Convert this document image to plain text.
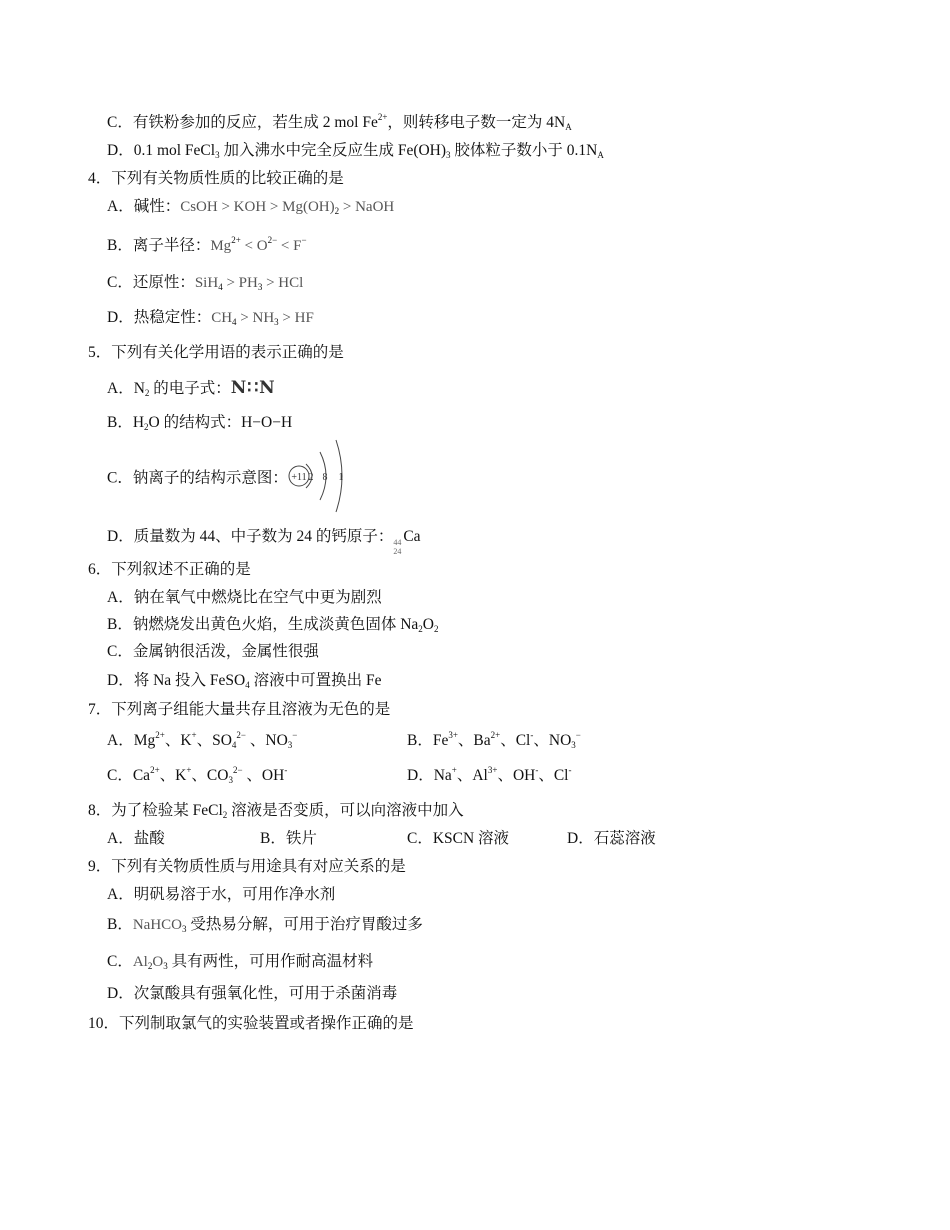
C．有铁粉参加的反应，若生成 2 mol $Fe^{2+}$，则转移电子数一定为 $4N_A$
D．0.1 mol FeCl$_3$ 加入沸水中完全反应生成 $Fe(OH)_3$ 胶体粒子数小于 $0.1N_A$
4．下列有关物质性质的比较正确的是
A．碱性：CsOH > KOH > $Mg(OH)_2$ > NaOH
B．离子半径：$Mg^{2+} < O^{2-} < F^-$
C．还原性：$SiH_4 > PH_3$ > HCl
D．热稳定性：$CH_4 > NH_3$ > HF
5．下列有关化学用语的表示正确的是
A．$N_2$ 的电子式：N∷N
B．$H_2O$ 的结构式：H−O−H
C．钠离子的结构示意图： +11 2 8 1
D．质量数为 44、中子数为 24 的钙原子： 44
24
Ca
6．下列叙述不正确的是
A．钠在氧气中燃烧比在空气中更为剧烈
B．钠燃烧发出黄色火焰，生成淡黄色固体 $Na_2O_2$
C．金属钠很活泼，金属性很强
D．将 Na 投入 FeSO$_4$ 溶液中可置换出 Fe
7．下列离子组能大量共存且溶液为无色的是
A．$Mg^{2+}$、K+、$SO_4^{2-}$ 、$NO_3^-$	B．$Fe^{3+}$、$Ba^{2+}$、Cl-、$NO_3^-$
C．$Ca^{2+}$、K+、$CO_3^{2-}$ 、OH-	D．Na+、$Al^{3+}$、OH-、Cl-
8．为了检验某 FeCl$_2$ 溶液是否变质，可以向溶液中加入
A．盐酸	B．铁片	C．KSCN 溶液	D．石蕊溶液
9．下列有关物质性质与用途具有对应关系的是
A．明矾易溶于水，可用作净水剂
B．NaHCO$_3$ 受热易分解，可用于治疗胃酸过多
C．$Al_2O_3$ 具有两性，可用作耐高温材料
D．次氯酸具有强氧化性，可用于杀菌消毒
10．下列制取氯气的实验装置或者操作正确的是
